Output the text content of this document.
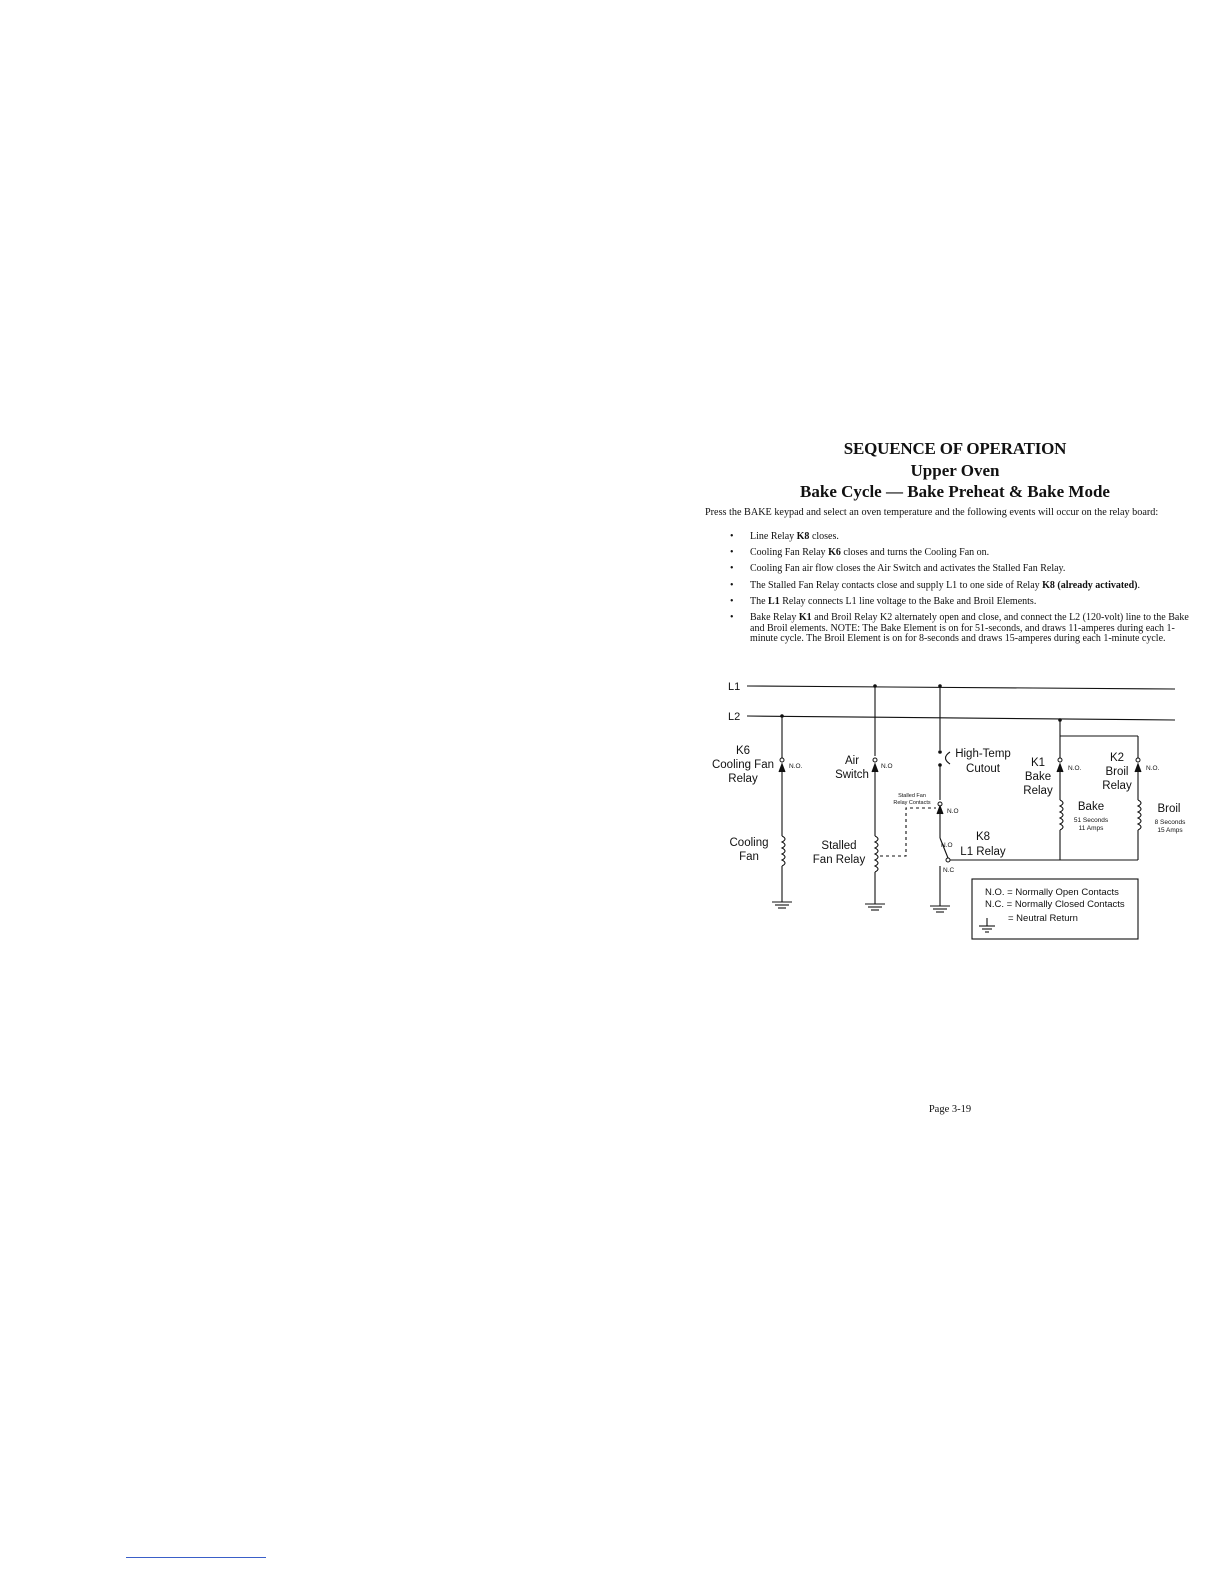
SEQUENCE OF OPERATION
Upper Oven
Bake Cycle — Bake Preheat & Bake Mode
Press the BAKE keypad and select an oven temperature and the following events will occur on the relay board:
• Line Relay K8 closes.
• Cooling Fan Relay K6 closes and turns the Cooling Fan on.
• Cooling Fan air flow closes the Air Switch and activates the Stalled Fan Relay.
• The Stalled Fan Relay contacts close and supply L1 to one side of Relay K8 (already activated).
• The L1 Relay connects L1 line voltage to the Bake and Broil Elements.
• Bake Relay K1 and Broil Relay K2 alternately open and close, and connect the L2 (120-volt) line to the Bake and Broil elements. NOTE: The Bake Element is on for 51-seconds, and draws 11-amperes during each 1-minute cycle. The Broil Element is on for 8-seconds and draws 15-amperes during each 1-minute cycle.
L1
L2
K6
Cooling Fan
Relay
Air
Switch
High-Temp
Cutout	K1
Bake
Relay
K2
Broil
Relay
Stalled Fan
Relay Contacts
Cooling
Fan
Stalled
Fan Relay
K8
L1 Relay
Bake
51 Seconds
11 Amps
Broil
8 Seconds
15 Amps
N.O.	N.O
N.O
N.O
N.C
N.O.	N.O.
N.O. = Normally Open Contacts
N.C. = Normally Closed Contacts
= Neutral Return
Page 3-19
